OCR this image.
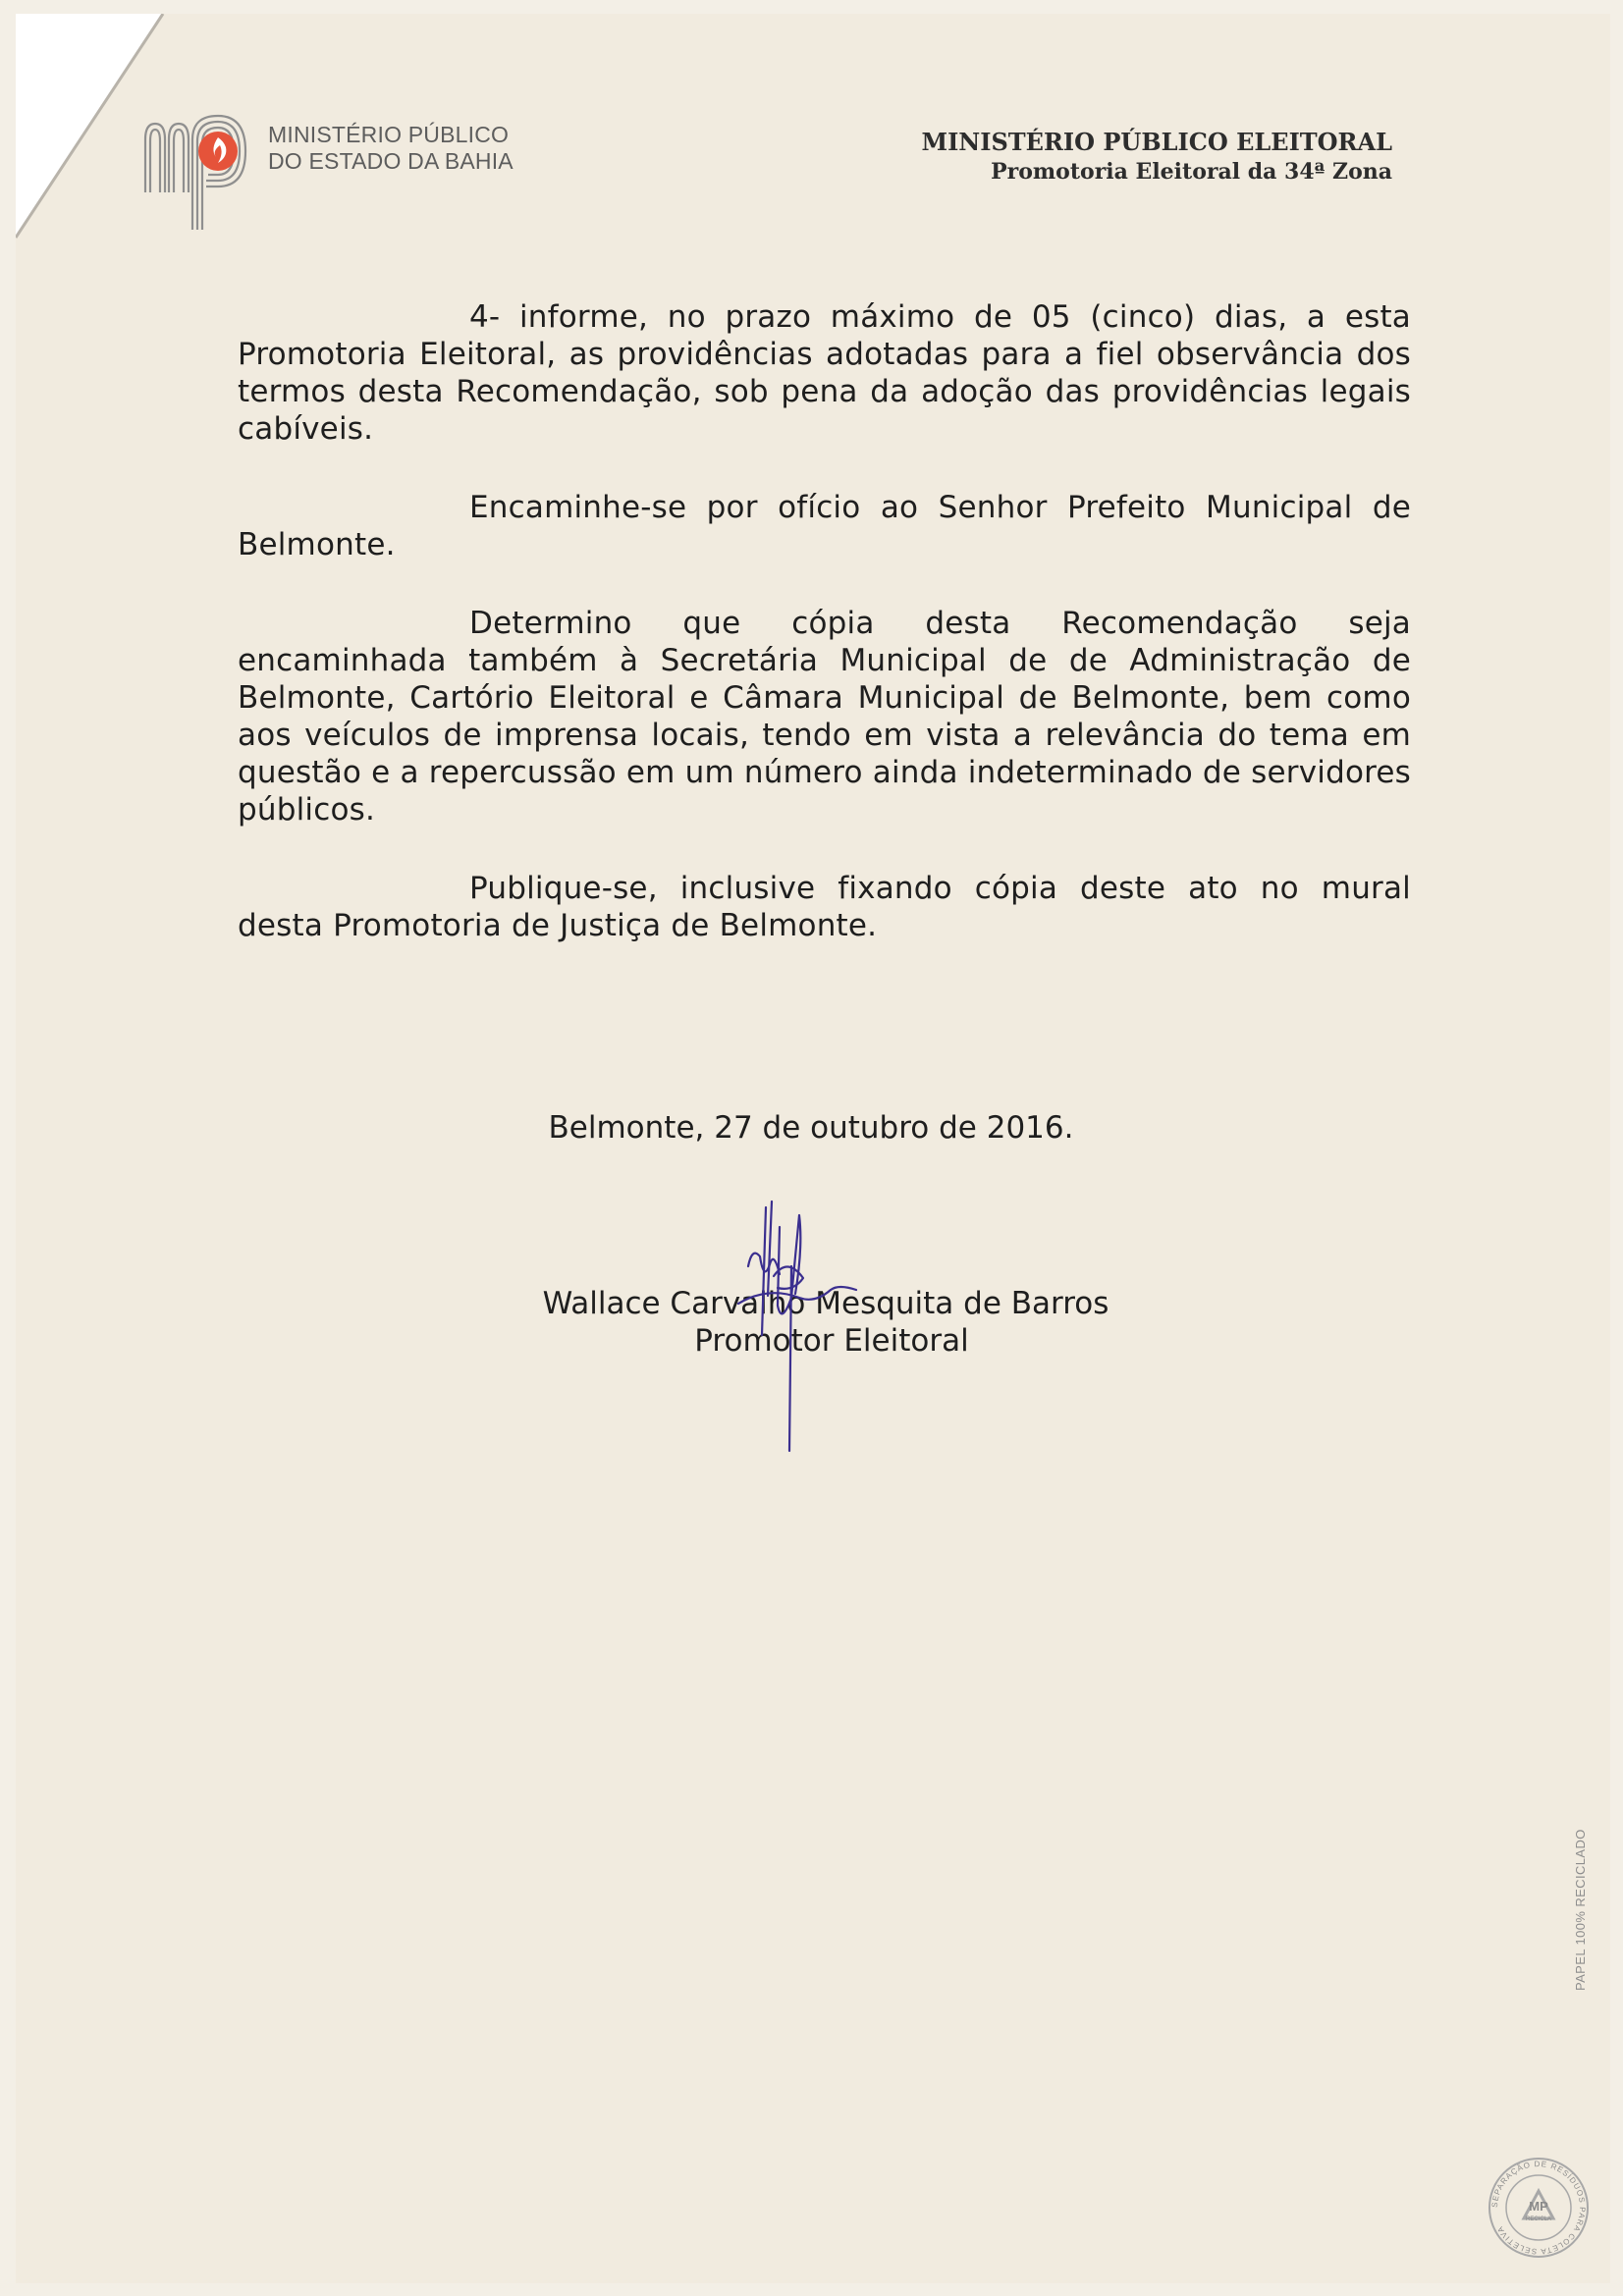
MINISTÉRIO PÚBLICO
DO ESTADO DA BAHIA
MINISTÉRIO PÚBLICO ELEITORAL
Promotoria Eleitoral da 34ª Zona

4- informe, no prazo máximo de 05 (cinco) dias, a esta Promotoria Eleitoral, as providências adotadas para a fiel observância dos termos desta Recomendação, sob pena da adoção das providências legais cabíveis.

Encaminhe-se por ofício ao Senhor Prefeito Municipal de Belmonte.

Determino que cópia desta Recomendação seja encaminhada também à Secretária Municipal de de Administração de Belmonte, Cartório Eleitoral e Câmara Municipal de Belmonte, bem como aos veículos de imprensa locais, tendo em vista a relevância do tema em questão e a repercussão em um número ainda indeterminado de servidores públicos.

Publique-se, inclusive fixando cópia deste ato no mural desta Promotoria de Justiça de Belmonte.

Belmonte, 27 de outubro de 2016.
Wallace Carvalho Mesquita de Barros
Promotor Eleitoral
PAPEL 100% RECICLADO
SEPARAÇÃO DE RESÍDUOS PARA COLETA SELETIVA
MP
RECICLA
